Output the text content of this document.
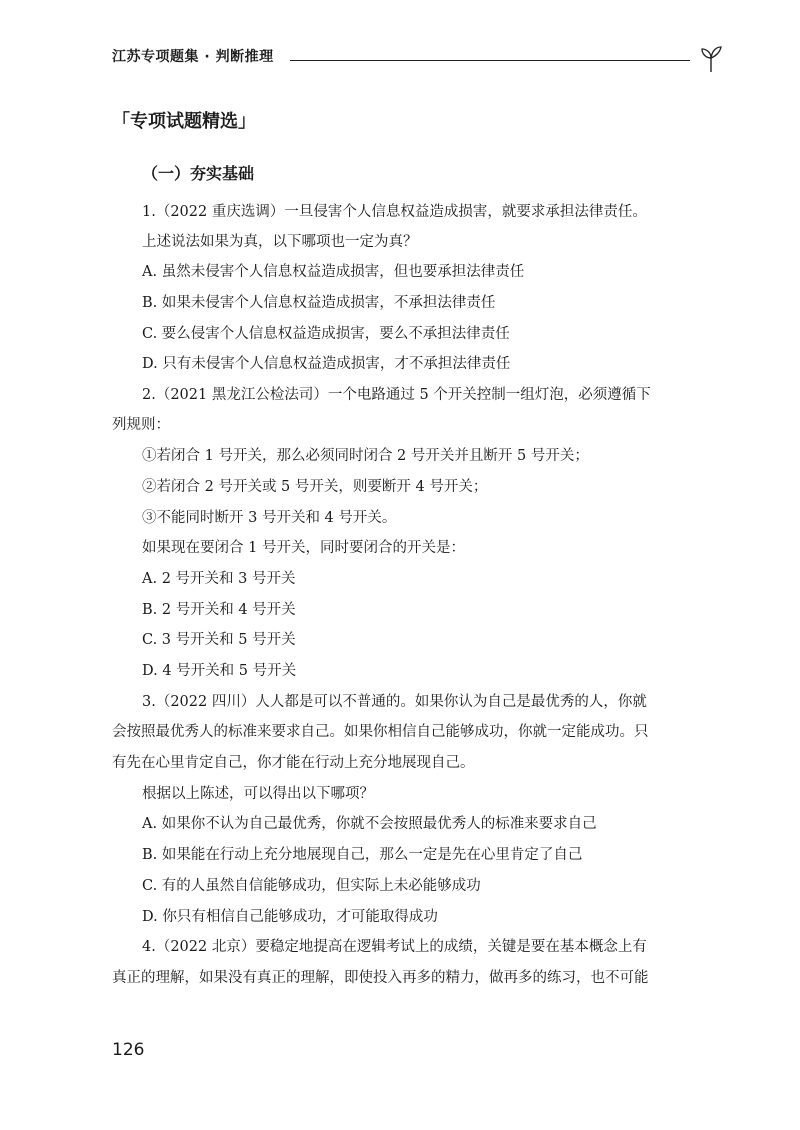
江苏专项题集 · 判断推理
「专项试题精选」
（一）夯实基础
1.（2022 重庆选调）一旦侵害个人信息权益造成损害，就要求承担法律责任。
上述说法如果为真，以下哪项也一定为真？
A. 虽然未侵害个人信息权益造成损害，但也要承担法律责任
B. 如果未侵害个人信息权益造成损害，不承担法律责任
C. 要么侵害个人信息权益造成损害，要么不承担法律责任
D. 只有未侵害个人信息权益造成损害，才不承担法律责任
2.（2021 黑龙江公检法司）一个电路通过 5 个开关控制一组灯泡，必须遵循下
列规则：
①若闭合 1 号开关，那么必须同时闭合 2 号开关并且断开 5 号开关；
②若闭合 2 号开关或 5 号开关，则要断开 4 号开关；
③不能同时断开 3 号开关和 4 号开关。
如果现在要闭合 1 号开关，同时要闭合的开关是：
A. 2 号开关和 3 号开关
B. 2 号开关和 4 号开关
C. 3 号开关和 5 号开关
D. 4 号开关和 5 号开关
3.（2022 四川）人人都是可以不普通的。如果你认为自己是最优秀的人，你就
会按照最优秀人的标准来要求自己。如果你相信自己能够成功，你就一定能成功。只
有先在心里肯定自己，你才能在行动上充分地展现自己。
根据以上陈述，可以得出以下哪项？
A. 如果你不认为自己最优秀，你就不会按照最优秀人的标准来要求自己
B. 如果能在行动上充分地展现自己，那么一定是先在心里肯定了自己
C. 有的人虽然自信能够成功，但实际上未必能够成功
D. 你只有相信自己能够成功，才可能取得成功
4.（2022 北京）要稳定地提高在逻辑考试上的成绩，关键是要在基本概念上有
真正的理解，如果没有真正的理解，即使投入再多的精力，做再多的练习，也不可能
126
